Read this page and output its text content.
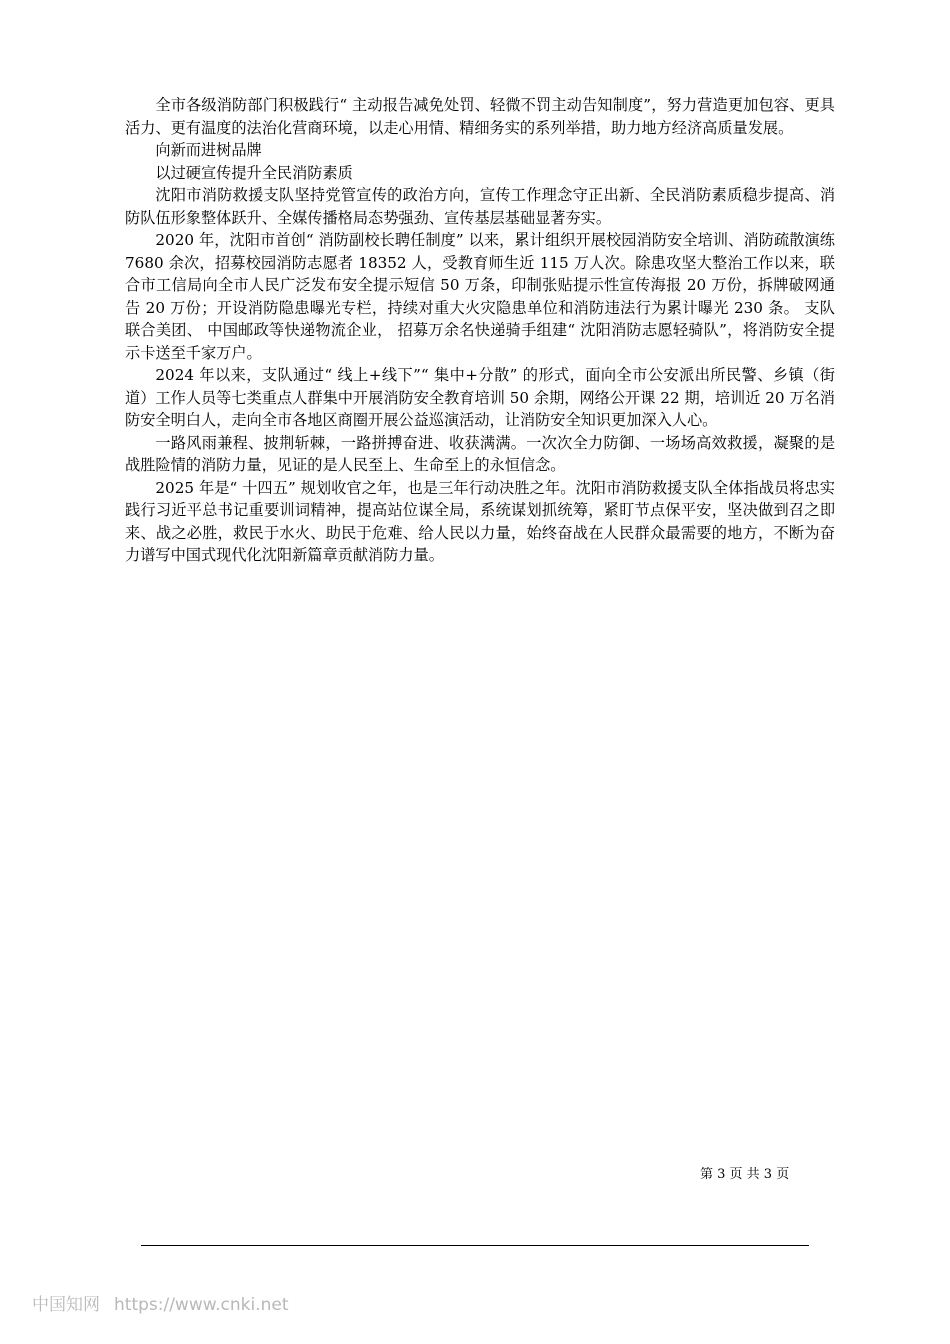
全市各级消防部门积极践行“ 主动报告减免处罚、轻微不罚主动告知制度”，努力营造更加包容、更具活力、更有温度的法治化营商环境，以走心用情、精细务实的系列举措，助力地方经济高质量发展。

向新而进树品牌

以过硬宣传提升全民消防素质

沈阳市消防救援支队坚持党管宣传的政治方向，宣传工作理念守正出新、全民消防素质稳步提高、消防队伍形象整体跃升、全媒传播格局态势强劲、宣传基层基础显著夯实。

2020 年，沈阳市首创“ 消防副校长聘任制度” 以来，累计组织开展校园消防安全培训、消防疏散演练 7680 余次，招募校园消防志愿者 18352 人，受教育师生近 115 万人次。除患攻坚大整治工作以来，联合市工信局向全市人民广泛发布安全提示短信 50 万条，印制张贴提示性宣传海报 20 万份，拆牌破网通告 20 万份；开设消防隐患曝光专栏，持续对重大火灾隐患单位和消防违法行为累计曝光 230 条。 支队联合美团、 中国邮政等快递物流企业， 招募万余名快递骑手组建“ 沈阳消防志愿轻骑队”，将消防安全提示卡送至千家万户。

2024 年以来，支队通过“ 线上+线下”“ 集中+分散” 的形式，面向全市公安派出所民警、乡镇（街道）工作人员等七类重点人群集中开展消防安全教育培训 50 余期，网络公开课 22 期，培训近 20 万名消防安全明白人，走向全市各地区商圈开展公益巡演活动，让消防安全知识更加深入人心。

一路风雨兼程、披荆斩棘，一路拼搏奋进、收获满满。一次次全力防御、一场场高效救援，凝聚的是战胜险情的消防力量，见证的是人民至上、生命至上的永恒信念。

2025 年是“ 十四五” 规划收官之年，也是三年行动决胜之年。沈阳市消防救援支队全体指战员将忠实践行习近平总书记重要训词精神，提高站位谋全局，系统谋划抓统筹，紧盯节点保平安，坚决做到召之即来、战之必胜，救民于水火、助民于危难、给人民以力量，始终奋战在人民群众最需要的地方，不断为奋力谱写中国式现代化沈阳新篇章贡献消防力量。

第 3 页 共 3 页
中国知网 https://www.cnki.net
